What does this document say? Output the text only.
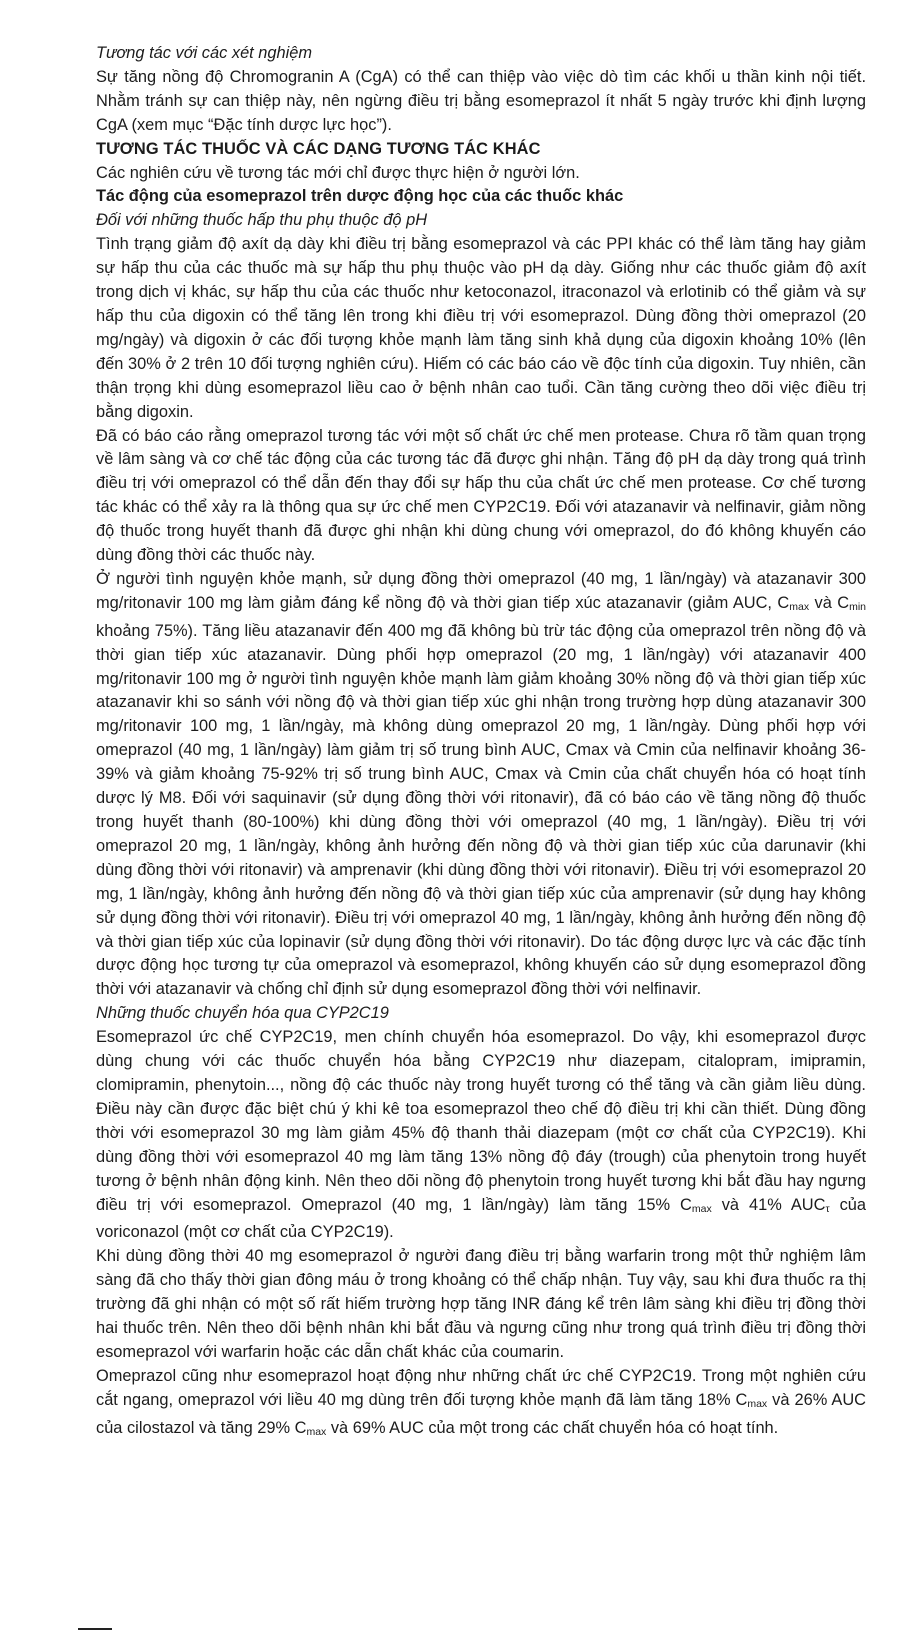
Tương tác với các xét nghiệm

Sự tăng nồng độ Chromogranin A (CgA) có thể can thiệp vào việc dò tìm các khối u thần kinh nội tiết. Nhằm tránh sự can thiệp này, nên ngừng điều trị bằng esomeprazol ít nhất 5 ngày trước khi định lượng CgA (xem mục “Đặc tính dược lực học”).

TƯƠNG TÁC THUỐC VÀ CÁC DẠNG TƯƠNG TÁC KHÁC

Các nghiên cứu về tương tác mới chỉ được thực hiện ở người lớn.

Tác động của esomeprazol trên dược động học của các thuốc khác

Đối với những thuốc hấp thu phụ thuộc độ pH

Tình trạng giảm độ axít dạ dày khi điều trị bằng esomeprazol và các PPI khác có thể làm tăng hay giảm sự hấp thu của các thuốc mà sự hấp thu phụ thuộc vào pH dạ dày. Giống như các thuốc giảm độ axít trong dịch vị khác, sự hấp thu của các thuốc như ketoconazol, itraconazol và erlotinib có thể giảm và sự hấp thu của digoxin có thể tăng lên trong khi điều trị với esomeprazol. Dùng đồng thời omeprazol (20 mg/ngày) và digoxin ở các đối tượng khỏe mạnh làm tăng sinh khả dụng của digoxin khoảng 10% (lên đến 30% ở 2 trên 10 đối tượng nghiên cứu). Hiếm có các báo cáo về độc tính của digoxin. Tuy nhiên, cần thận trọng khi dùng esomeprazol liều cao ở bệnh nhân cao tuổi. Cần tăng cường theo dõi việc điều trị bằng digoxin.

Đã có báo cáo rằng omeprazol tương tác với một số chất ức chế men protease. Chưa rõ tầm quan trọng về lâm sàng và cơ chế tác động của các tương tác đã được ghi nhận. Tăng độ pH dạ dày trong quá trình điều trị với omeprazol có thể dẫn đến thay đổi sự hấp thu của chất ức chế men protease. Cơ chế tương tác khác có thể xảy ra là thông qua sự ức chế men CYP2C19. Đối với atazanavir và nelfinavir, giảm nồng độ thuốc trong huyết thanh đã được ghi nhận khi dùng chung với omeprazol, do đó không khuyến cáo dùng đồng thời các thuốc này.

Ở người tình nguyện khỏe mạnh, sử dụng đồng thời omeprazol (40 mg, 1 lần/ngày) và atazanavir 300 mg/ritonavir 100 mg làm giảm đáng kể nồng độ và thời gian tiếp xúc atazanavir (giảm AUC, Cmax và Cmin khoảng 75%). Tăng liều atazanavir đến 400 mg đã không bù trừ tác động của omeprazol trên nồng độ và thời gian tiếp xúc atazanavir. Dùng phối hợp omeprazol (20 mg, 1 lần/ngày) với atazanavir 400 mg/ritonavir 100 mg ở người tình nguyện khỏe mạnh làm giảm khoảng 30% nồng độ và thời gian tiếp xúc atazanavir khi so sánh với nồng độ và thời gian tiếp xúc ghi nhận trong trường hợp dùng atazanavir 300 mg/ritonavir 100 mg, 1 lần/ngày, mà không dùng omeprazol 20 mg, 1 lần/ngày. Dùng phối hợp với omeprazol (40 mg, 1 lần/ngày) làm giảm trị số trung bình AUC, Cmax và Cmin của nelfinavir khoảng 36-39% và giảm khoảng 75-92% trị số trung bình AUC, Cmax và Cmin của chất chuyển hóa có hoạt tính dược lý M8. Đối với saquinavir (sử dụng đồng thời với ritonavir), đã có báo cáo về tăng nồng độ thuốc trong huyết thanh (80-100%) khi dùng đồng thời với omeprazol (40 mg, 1 lần/ngày). Điều trị với omeprazol 20 mg, 1 lần/ngày, không ảnh hưởng đến nồng độ và thời gian tiếp xúc của darunavir (khi dùng đồng thời với ritonavir) và amprenavir (khi dùng đồng thời với ritonavir). Điều trị với esomeprazol 20 mg, 1 lần/ngày, không ảnh hưởng đến nồng độ và thời gian tiếp xúc của amprenavir (sử dụng hay không sử dụng đồng thời với ritonavir). Điều trị với omeprazol 40 mg, 1 lần/ngày, không ảnh hưởng đến nồng độ và thời gian tiếp xúc của lopinavir (sử dụng đồng thời với ritonavir). Do tác động dược lực và các đặc tính dược động học tương tự của omeprazol và esomeprazol, không khuyến cáo sử dụng esomeprazol đồng thời với atazanavir và chống chỉ định sử dụng esomeprazol đồng thời với nelfinavir.

Những thuốc chuyển hóa qua CYP2C19

Esomeprazol ức chế CYP2C19, men chính chuyển hóa esomeprazol. Do vậy, khi esomeprazol được dùng chung với các thuốc chuyển hóa bằng CYP2C19 như diazepam, citalopram, imipramin, clomipramin, phenytoin..., nồng độ các thuốc này trong huyết tương có thể tăng và cần giảm liều dùng. Điều này cần được đặc biệt chú ý khi kê toa esomeprazol theo chế độ điều trị khi cần thiết. Dùng đồng thời với esomeprazol 30 mg làm giảm 45% độ thanh thải diazepam (một cơ chất của CYP2C19). Khi dùng đồng thời với esomeprazol 40 mg làm tăng 13% nồng độ đáy (trough) của phenytoin trong huyết tương ở bệnh nhân động kinh. Nên theo dõi nồng độ phenytoin trong huyết tương khi bắt đầu hay ngưng điều trị với esomeprazol. Omeprazol (40 mg, 1 lần/ngày) làm tăng 15% Cmax và 41% AUCτ của voriconazol (một cơ chất của CYP2C19).

Khi dùng đồng thời 40 mg esomeprazol ở người đang điều trị bằng warfarin trong một thử nghiệm lâm sàng đã cho thấy thời gian đông máu ở trong khoảng có thể chấp nhận. Tuy vậy, sau khi đưa thuốc ra thị trường đã ghi nhận có một số rất hiếm trường hợp tăng INR đáng kể trên lâm sàng khi điều trị đồng thời hai thuốc trên. Nên theo dõi bệnh nhân khi bắt đầu và ngưng cũng như trong quá trình điều trị đồng thời esomeprazol với warfarin hoặc các dẫn chất khác của coumarin.

Omeprazol cũng như esomeprazol hoạt động như những chất ức chế CYP2C19. Trong một nghiên cứu cắt ngang, omeprazol với liều 40 mg dùng trên đối tượng khỏe mạnh đã làm tăng 18% Cmax và 26% AUC của cilostazol và tăng 29% Cmax và 69% AUC của một trong các chất chuyển hóa có hoạt tính.
